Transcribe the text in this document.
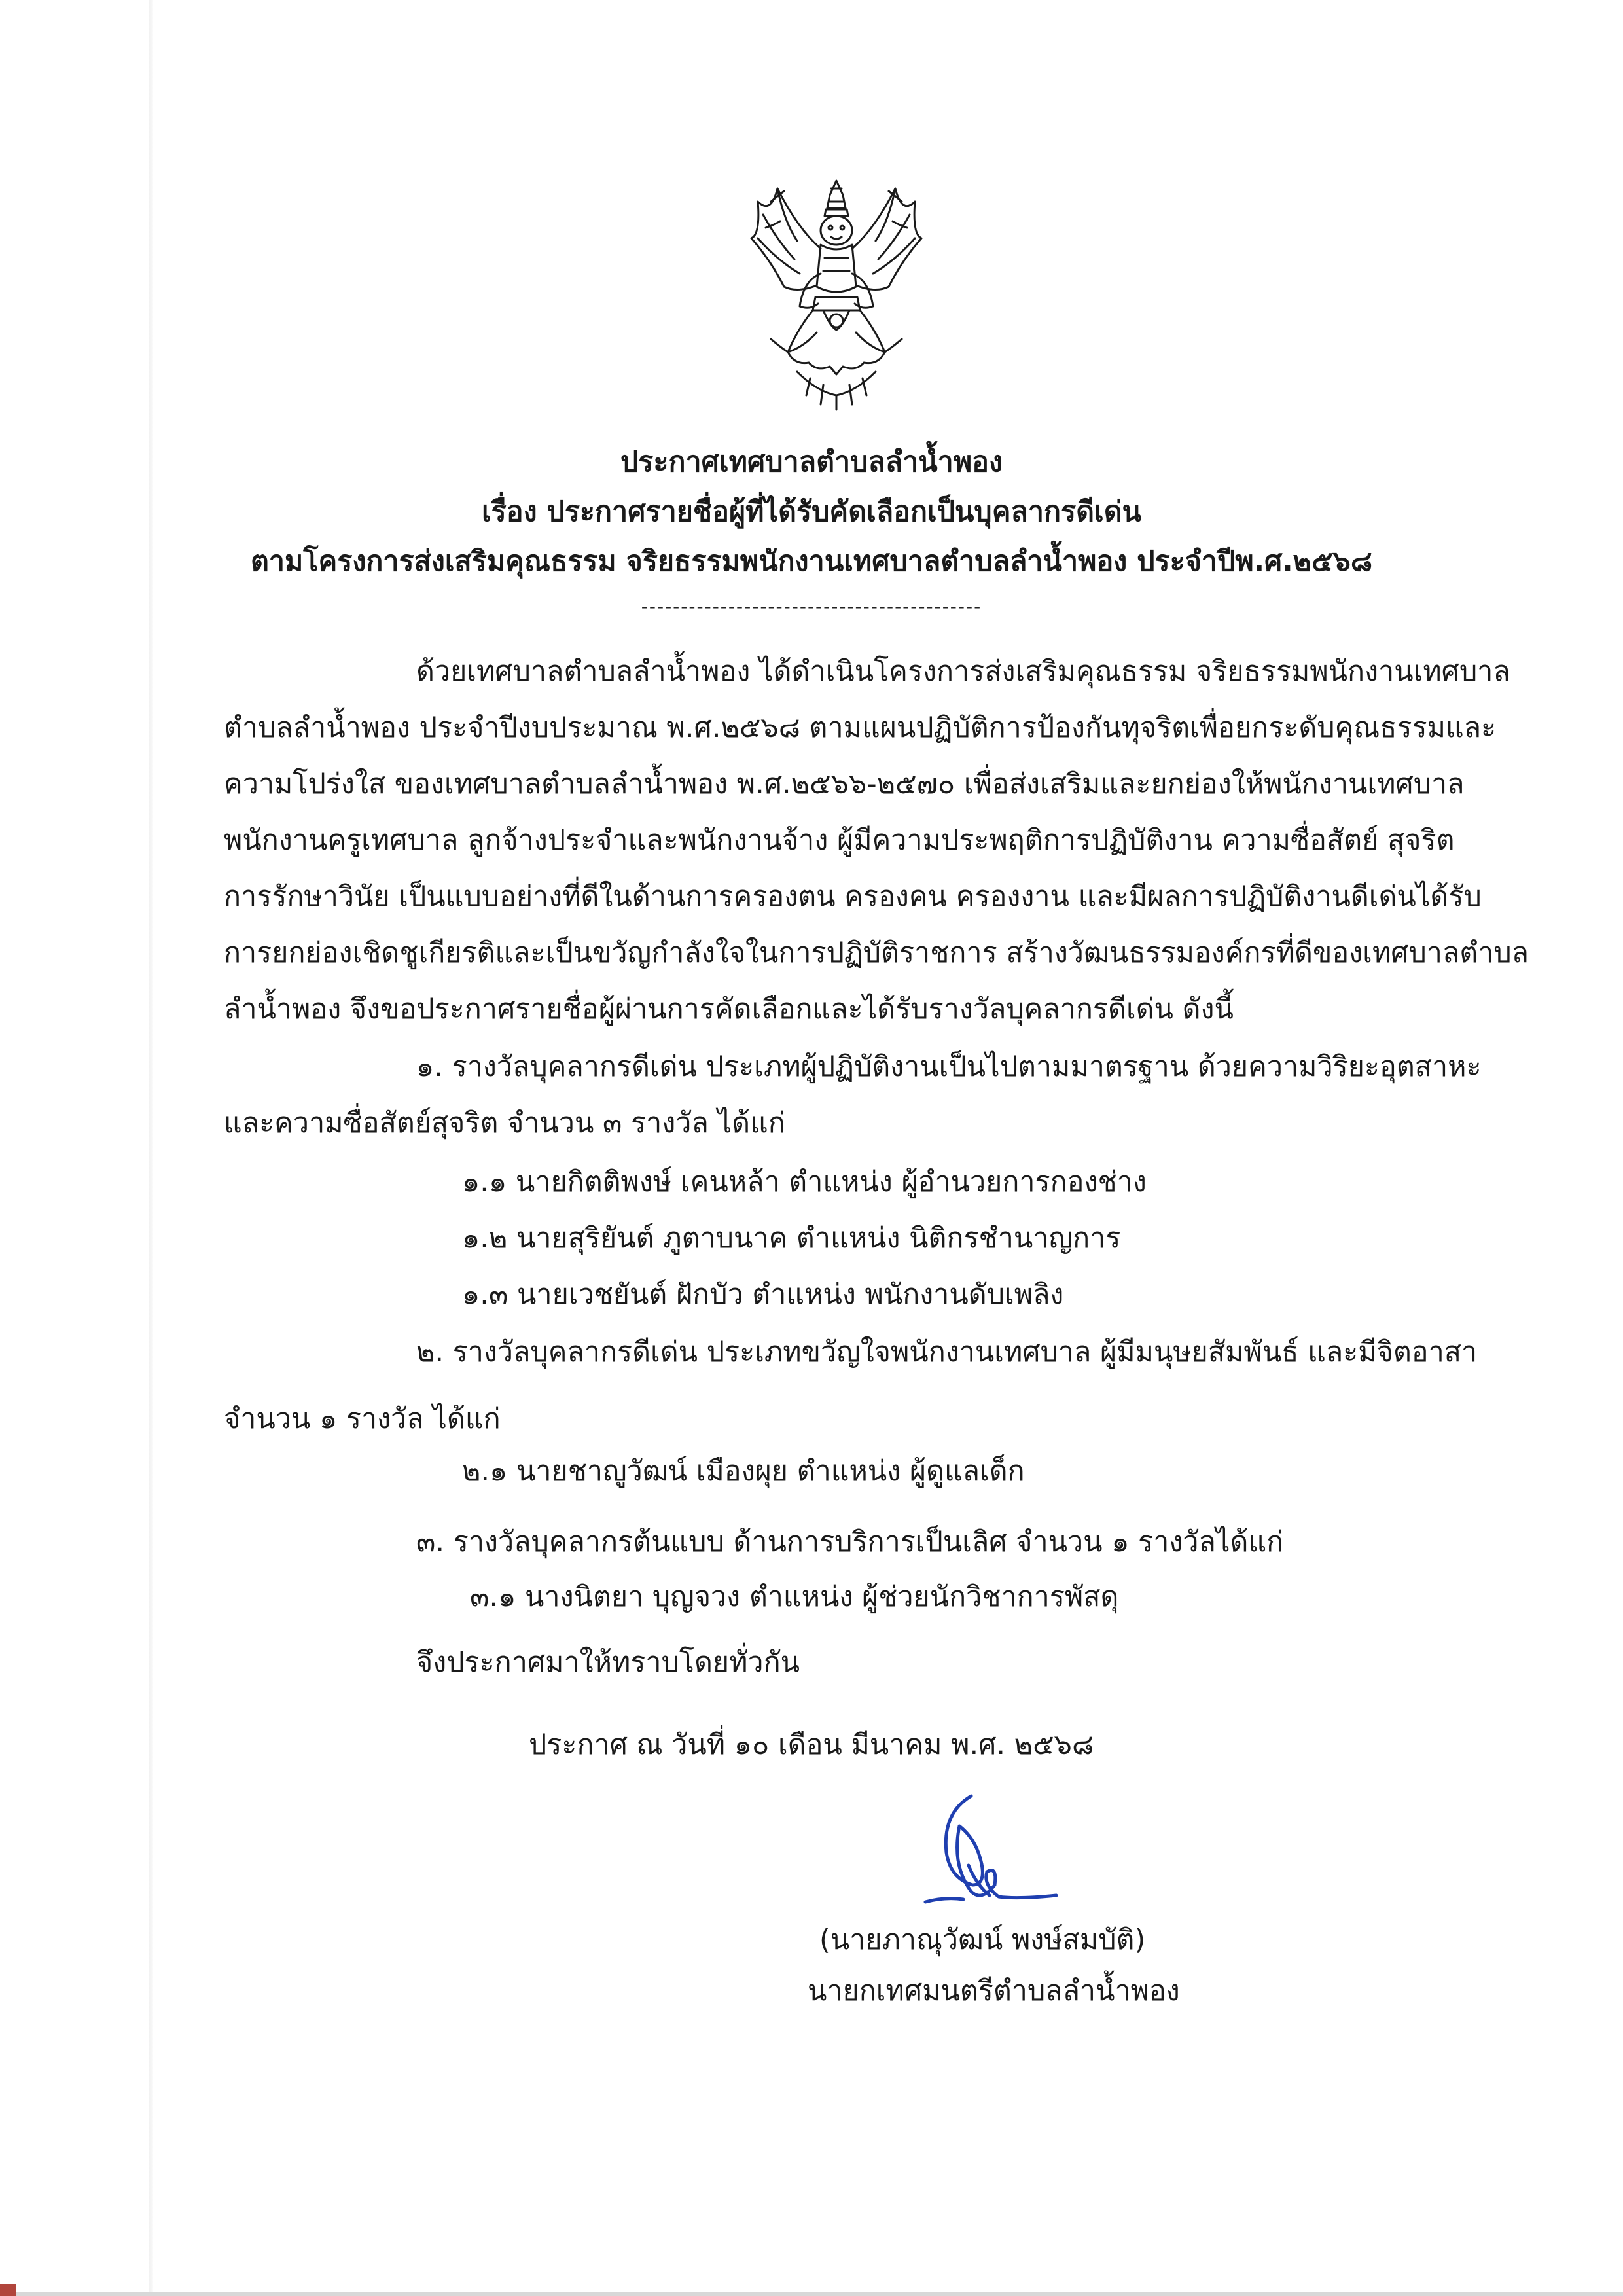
ประกาศเทศบาลตำบลลำน้ำพอง
เรื่อง ประกาศรายชื่อผู้ที่ได้รับคัดเลือกเป็นบุคลากรดีเด่น
ตามโครงการส่งเสริมคุณธรรม จริยธรรมพนักงานเทศบาลตำบลลำน้ำพอง ประจำปีพ.ศ.๒๕๖๘
-------------------------------------------
ด้วยเทศบาลตำบลลำน้ำพอง ได้ดำเนินโครงการส่งเสริมคุณธรรม จริยธรรมพนักงานเทศบาล
ตำบลลำน้ำพอง ประจำปีงบประมาณ พ.ศ.๒๕๖๘ ตามแผนปฏิบัติการป้องกันทุจริตเพื่อยกระดับคุณธรรมและ
ความโปร่งใส ของเทศบาลตำบลลำน้ำพอง พ.ศ.๒๕๖๖-๒๕๗๐ เพื่อส่งเสริมและยกย่องให้พนักงานเทศบาล
พนักงานครูเทศบาล ลูกจ้างประจำและพนักงานจ้าง ผู้มีความประพฤติการปฏิบัติงาน ความซื่อสัตย์ สุจริต
การรักษาวินัย เป็นแบบอย่างที่ดีในด้านการครองตน ครองคน ครองงาน และมีผลการปฏิบัติงานดีเด่นได้รับ
การยกย่องเชิดชูเกียรติและเป็นขวัญกำลังใจในการปฏิบัติราชการ สร้างวัฒนธรรมองค์กรที่ดีของเทศบาลตำบล
ลำน้ำพอง จึงขอประกาศรายชื่อผู้ผ่านการคัดเลือกและได้รับรางวัลบุคลากรดีเด่น ดังนี้
๑. รางวัลบุคลากรดีเด่น ประเภทผู้ปฏิบัติงานเป็นไปตามมาตรฐาน ด้วยความวิริยะอุตสาหะ
และความซื่อสัตย์สุจริต จำนวน ๓ รางวัล ได้แก่
๑.๑ นายกิตติพงษ์ เคนหล้า ตำแหน่ง ผู้อำนวยการกองช่าง
๑.๒ นายสุริยันต์ ภูตาบนาค ตำแหน่ง นิติกรชำนาญการ
๑.๓ นายเวชยันต์ ฝักบัว ตำแหน่ง พนักงานดับเพลิง
๒. รางวัลบุคลากรดีเด่น ประเภทขวัญใจพนักงานเทศบาล ผู้มีมนุษยสัมพันธ์ และมีจิตอาสา
จำนวน ๑ รางวัล ได้แก่
๒.๑ นายชาญูวัฒน์ เมืองผุย ตำแหน่ง ผู้ดูแลเด็ก
๓. รางวัลบุคลากรต้นแบบ ด้านการบริการเป็นเลิศ จำนวน ๑ รางวัลได้แก่
๓.๑ นางนิตยา บุญจวง ตำแหน่ง ผู้ช่วยนักวิชาการพัสดุ
จึงประกาศมาให้ทราบโดยทั่วกัน
ประกาศ ณ วันที่ ๑๐ เดือน มีนาคม พ.ศ. ๒๕๖๘
(นายภาณุวัฒน์ พงษ์สมบัติ)
นายกเทศมนตรีตำบลลำน้ำพอง
